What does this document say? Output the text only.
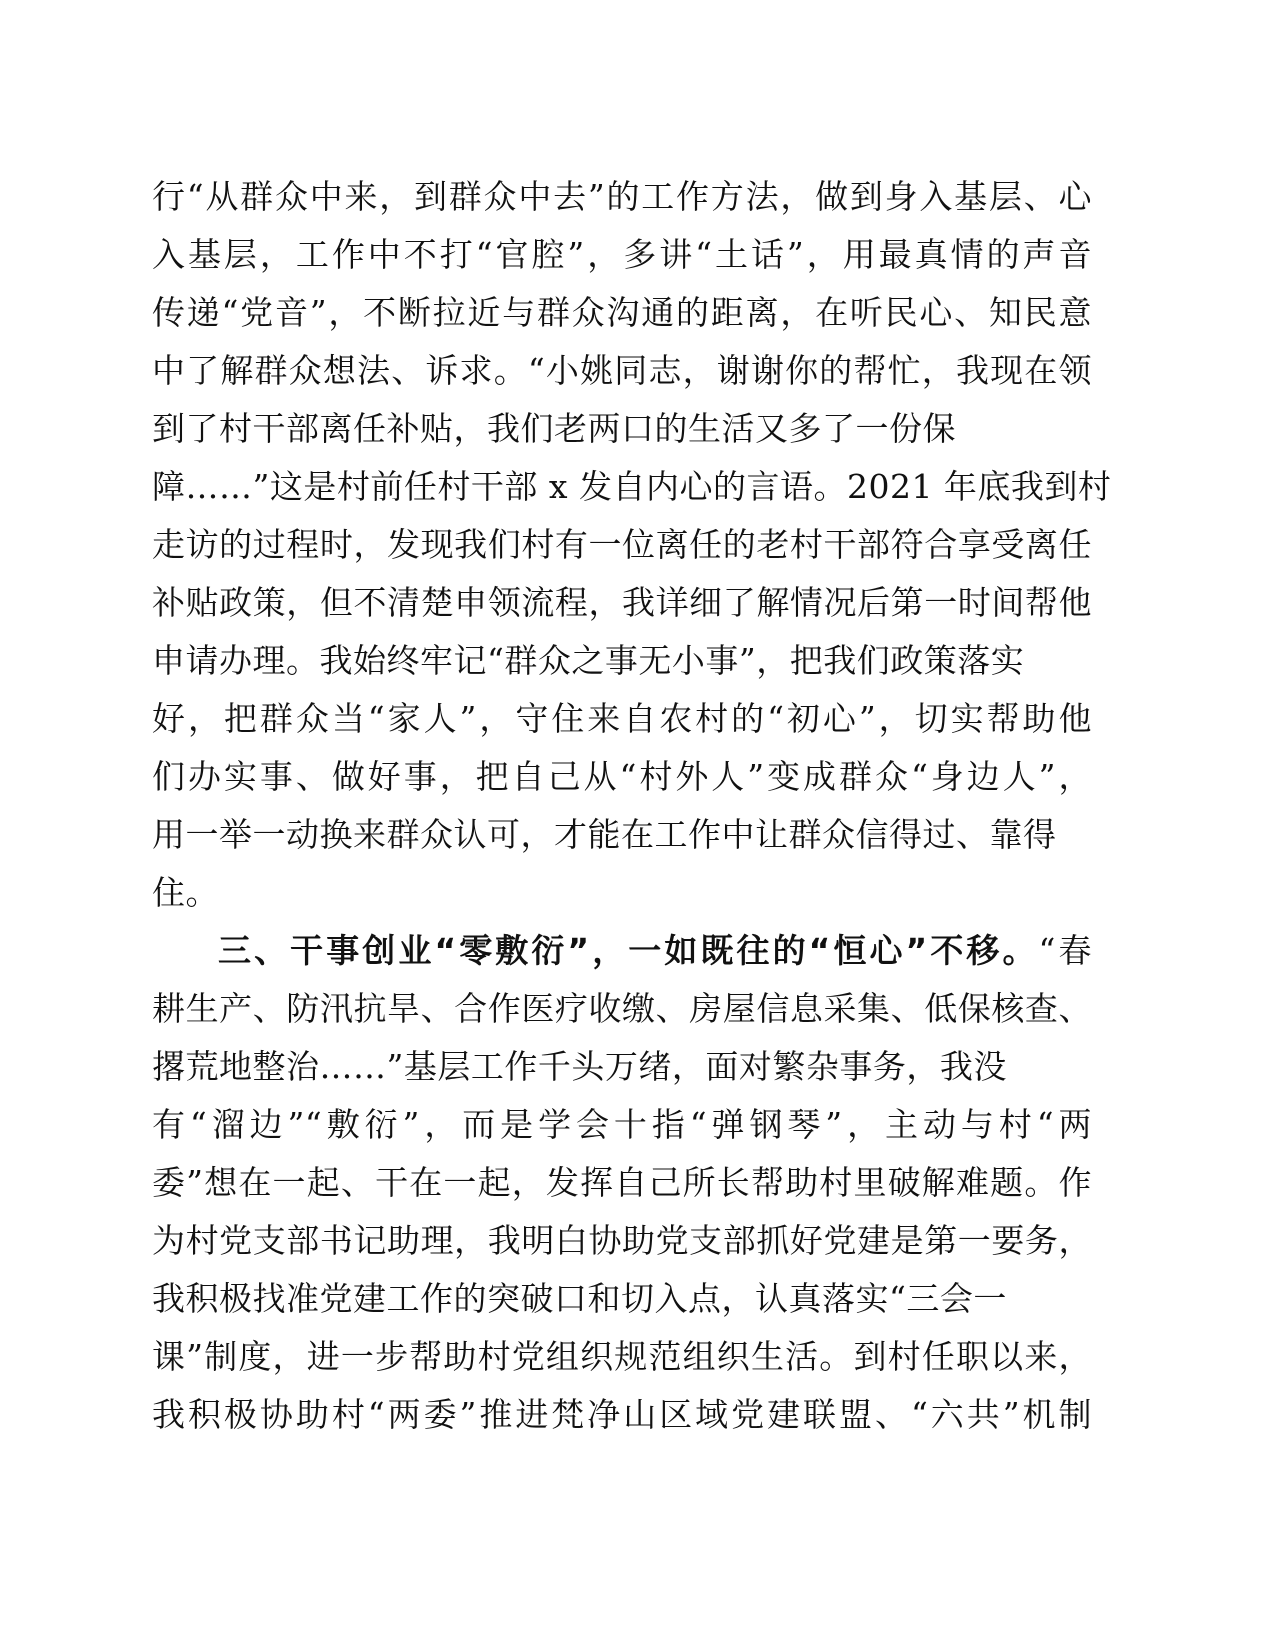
行“从群众中来，到群众中去”的工作方法，做到身入基层、心
入基层，工作中不打“官腔”，多讲“土话”，用最真情的声音
传递“党音”，不断拉近与群众沟通的距离，在听民心、知民意
中了解群众想法、诉求。“小姚同志，谢谢你的帮忙，我现在领
到了村干部离任补贴，我们老两口的生活又多了一份保
障……”这是村前任村干部 x 发自内心的言语。2021 年底我到村
走访的过程时，发现我们村有一位离任的老村干部符合享受离任
补贴政策，但不清楚申领流程，我详细了解情况后第一时间帮他
申请办理。我始终牢记“群众之事无小事”，把我们政策落实
好，把群众当“家人”，守住来自农村的“初心”，切实帮助他
们办实事、做好事，把自己从“村外人”变成群众“身边人”，
用一举一动换来群众认可，才能在工作中让群众信得过、靠得
住。
三、干事创业“零敷衍”，一如既往的“恒心”不移。“春
耕生产、防汛抗旱、合作医疗收缴、房屋信息采集、低保核查、
撂荒地整治……”基层工作千头万绪，面对繁杂事务，我没
有“溜边”“敷衍”，而是学会十指“弹钢琴”，主动与村“两
委”想在一起、干在一起，发挥自己所长帮助村里破解难题。作
为村党支部书记助理，我明白协助党支部抓好党建是第一要务，
我积极找准党建工作的突破口和切入点，认真落实“三会一
课”制度，进一步帮助村党组织规范组织生活。到村任职以来，
我积极协助村“两委”推进梵净山区域党建联盟、“六共”机制
